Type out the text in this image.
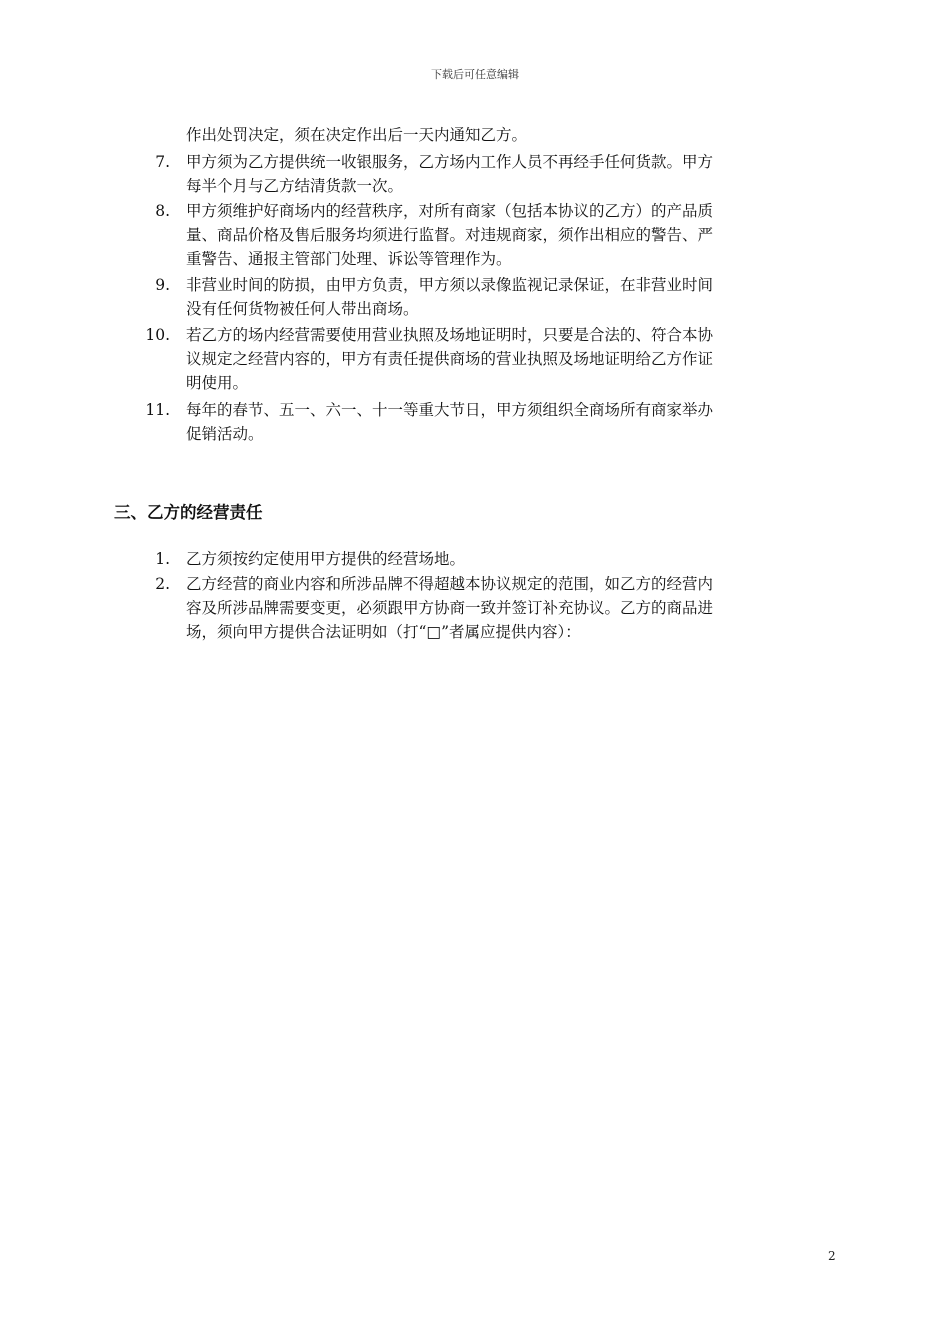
下载后可任意编辑
作出处罚决定，须在决定作出后一天内通知乙方。
7. 甲方须为乙方提供统一收银服务，乙方场内工作人员不再经手任何货款。甲方
每半个月与乙方结清货款一次。
8. 甲方须维护好商场内的经营秩序，对所有商家（包括本协议的乙方）的产品质
量、商品价格及售后服务均须进行监督。对违规商家，须作出相应的警告、严
重警告、通报主管部门处理、诉讼等管理作为。
9. 非营业时间的防损，由甲方负责，甲方须以录像监视记录保证，在非营业时间
没有任何货物被任何人带出商场。
10. 若乙方的场内经营需要使用营业执照及场地证明时，只要是合法的、符合本协
议规定之经营内容的，甲方有责任提供商场的营业执照及场地证明给乙方作证
明使用。
11. 每年的春节、五一、六一、十一等重大节日，甲方须组织全商场所有商家举办
促销活动。
三、乙方的经营责任
1. 乙方须按约定使用甲方提供的经营场地。
2. 乙方经营的商业内容和所涉品牌不得超越本协议规定的范围，如乙方的经营内
容及所涉品牌需要变更，必须跟甲方协商一致并签订补充协议。乙方的商品进
场，须向甲方提供合法证明如（打“□”者属应提供内容）：
2
